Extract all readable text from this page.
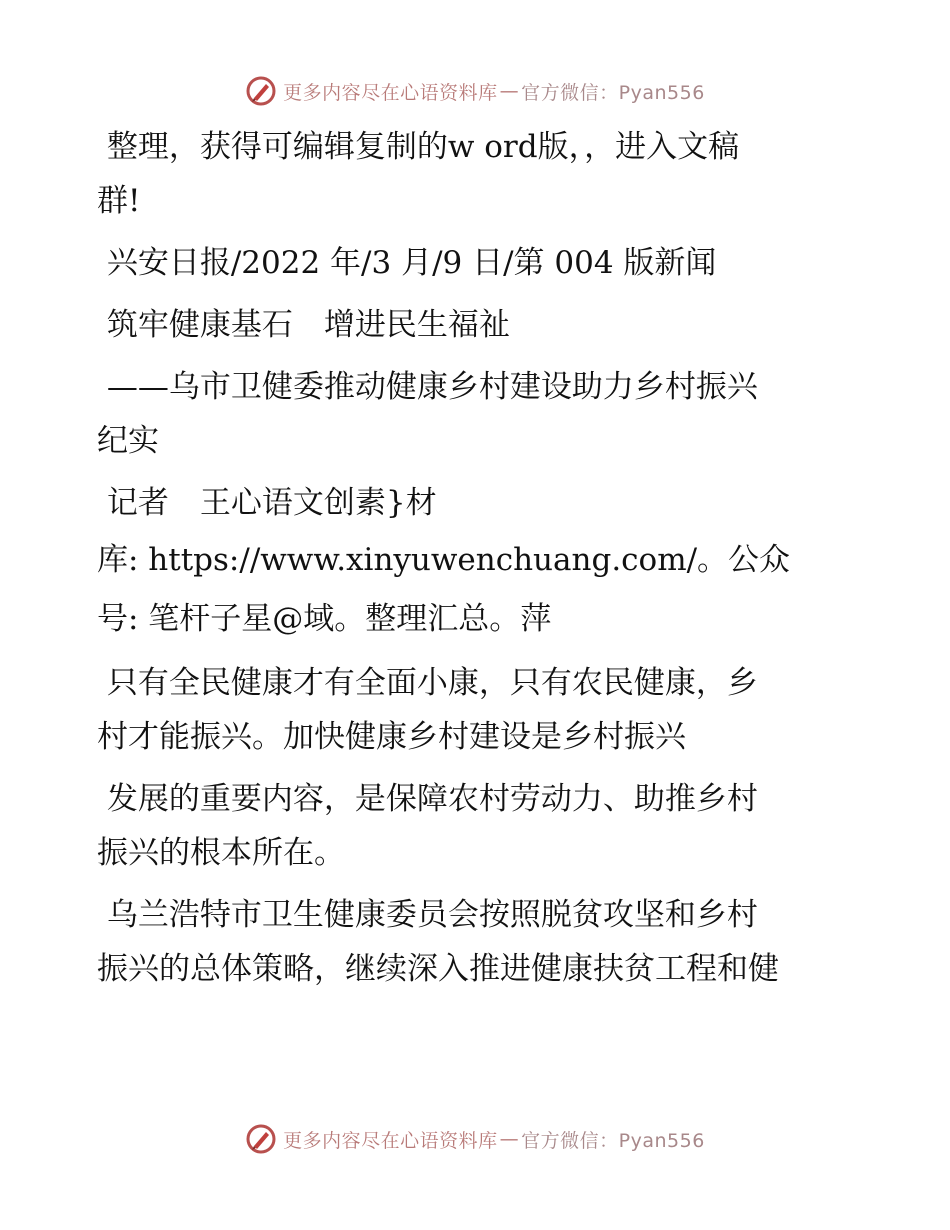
更多内容尽在心语资料库 — 官方微信：Pyan556

整理，获得可编辑复制的w ord版，，进入文稿

群!

兴安日报/2022 年/3 月/9 日/第 004 版新闻

筑牢健康基石　增进民生福祉

——乌市卫健委推动健康乡村建设助力乡村振兴

纪实

记者　王心语文创素}材

库: https://www.xinyuwenchuang.com/。公众

号: 笔杆子星@域。整理汇总。萍

只有全民健康才有全面小康，只有农民健康，乡

村才能振兴。加快健康乡村建设是乡村振兴

发展的重要内容，是保障农村劳动力、助推乡村

振兴的根本所在。

乌兰浩特市卫生健康委员会按照脱贫攻坚和乡村

振兴的总体策略，继续深入推进健康扶贫工程和健

更多内容尽在心语资料库 — 官方微信：Pyan556
